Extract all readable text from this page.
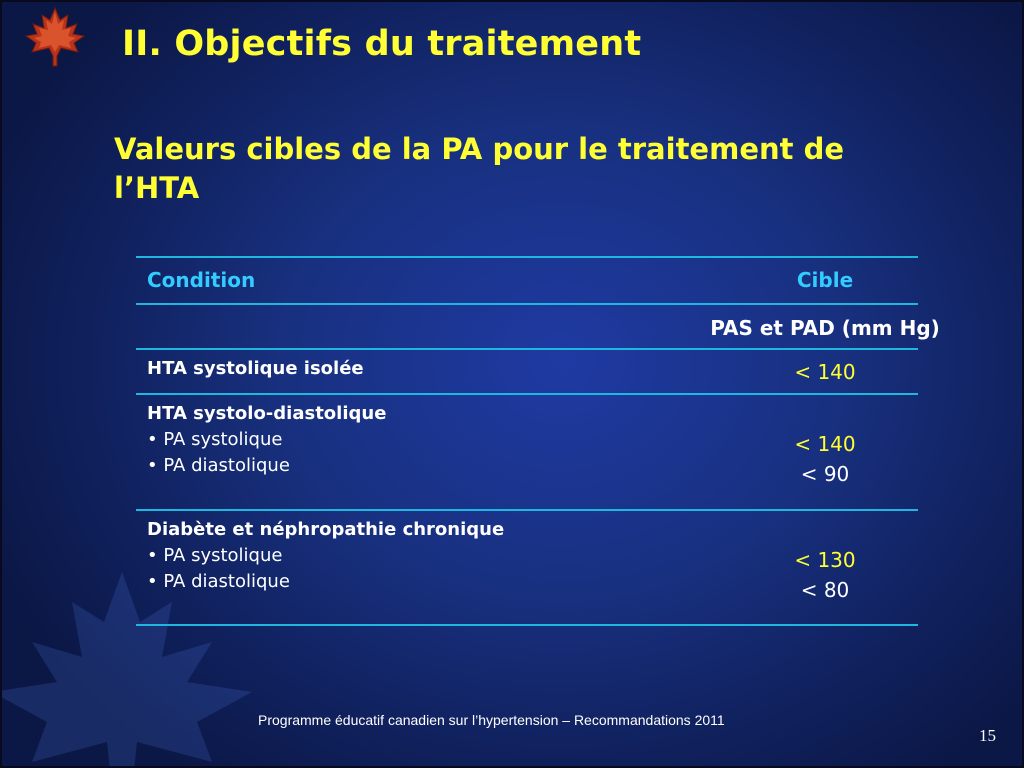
II. Objectifs du traitement
Valeurs cibles de la PA pour le traitement de l’HTA
Condition	Cible
PAS et PAD (mm Hg)
HTA systolique isolée	< 140
HTA systolo-diastolique
• PA systolique
• PA diastolique
< 140
< 90
Diabète et néphropathie chronique
• PA systolique
• PA diastolique
< 130
< 80
Programme éducatif canadien sur l’hypertension – Recommandations 2011
15
